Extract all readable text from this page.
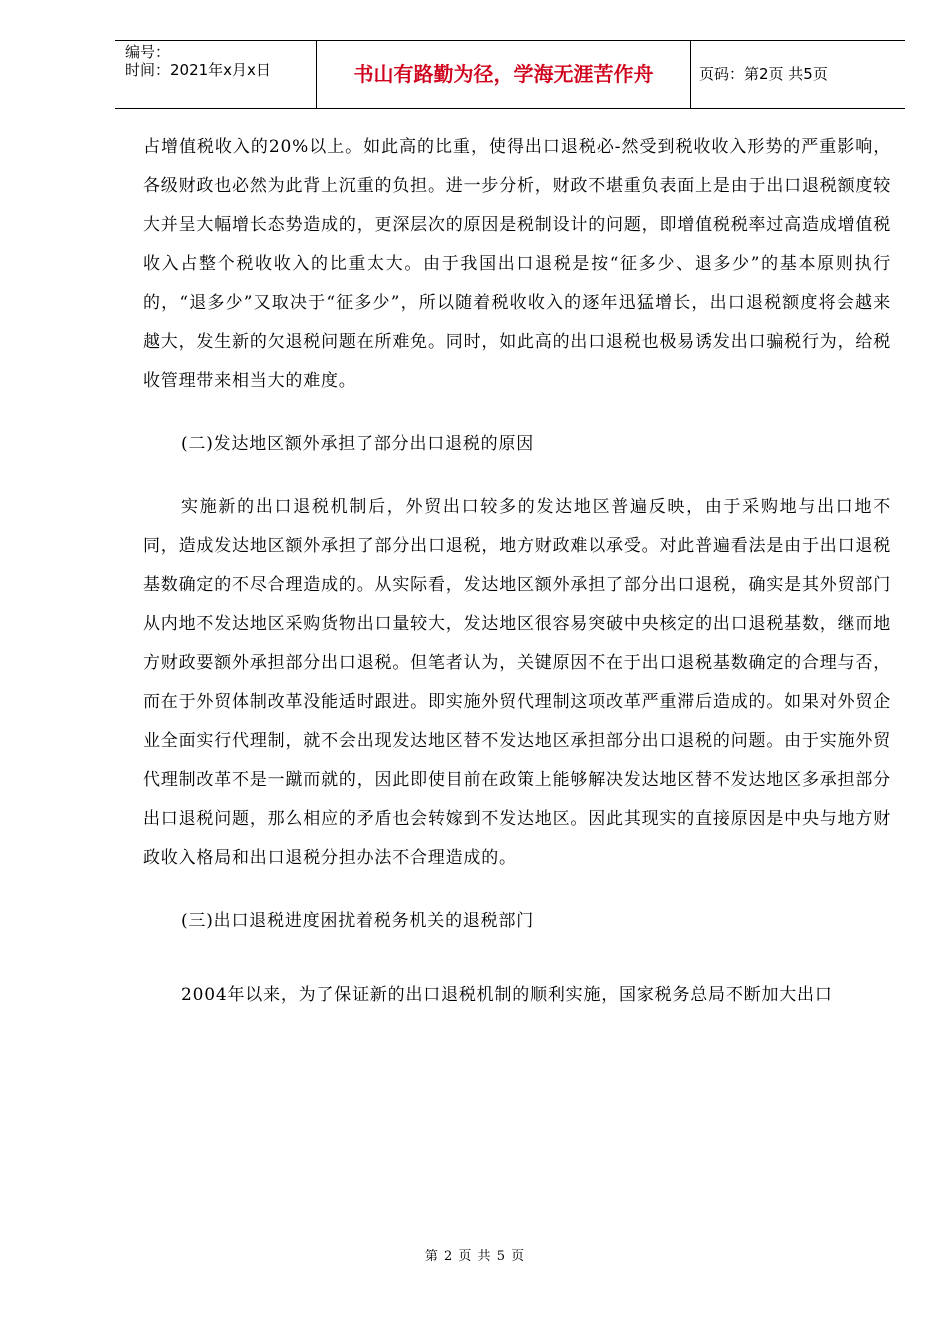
编号：
时间：2021年x月x日	书山有路勤为径，学海无涯苦作舟	页码：第2页 共5页

占增值税收入的20%以上。如此高的比重，使得出口退税必-然受到税收收入形势的严重影响，各级财政也必然为此背上沉重的负担。进一步分析，财政不堪重负表面上是由于出口退税额度较大并呈大幅增长态势造成的，更深层次的原因是税制设计的问题，即增值税税率过高造成增值税收入占整个税收收入的比重太大。由于我国出口退税是按“征多少、退多少”的基本原则执行的，“退多少”又取决于“征多少”，所以随着税收收入的逐年迅猛增长，出口退税额度将会越来越大，发生新的欠退税问题在所难免。同时，如此高的出口退税也极易诱发出口骗税行为，给税收管理带来相当大的难度。

(二)发达地区额外承担了部分出口退税的原因

实施新的出口退税机制后，外贸出口较多的发达地区普遍反映，由于采购地与出口地不同，造成发达地区额外承担了部分出口退税，地方财政难以承受。对此普遍看法是由于出口退税基数确定的不尽合理造成的。从实际看，发达地区额外承担了部分出口退税，确实是其外贸部门从内地不发达地区采购货物出口量较大，发达地区很容易突破中央核定的出口退税基数，继而地方财政要额外承担部分出口退税。但笔者认为，关键原因不在于出口退税基数确定的合理与否，而在于外贸体制改革没能适时跟进。即实施外贸代理制这项改革严重滞后造成的。如果对外贸企业全面实行代理制，就不会出现发达地区替不发达地区承担部分出口退税的问题。由于实施外贸代理制改革不是一蹴而就的，因此即使目前在政策上能够解决发达地区替不发达地区多承担部分出口退税问题，那么相应的矛盾也会转嫁到不发达地区。因此其现实的直接原因是中央与地方财政收入格局和出口退税分担办法不合理造成的。

(三)出口退税进度困扰着税务机关的退税部门

2004年以来，为了保证新的出口退税机制的顺利实施，国家税务总局不断加大出口

第 2 页 共 5 页
